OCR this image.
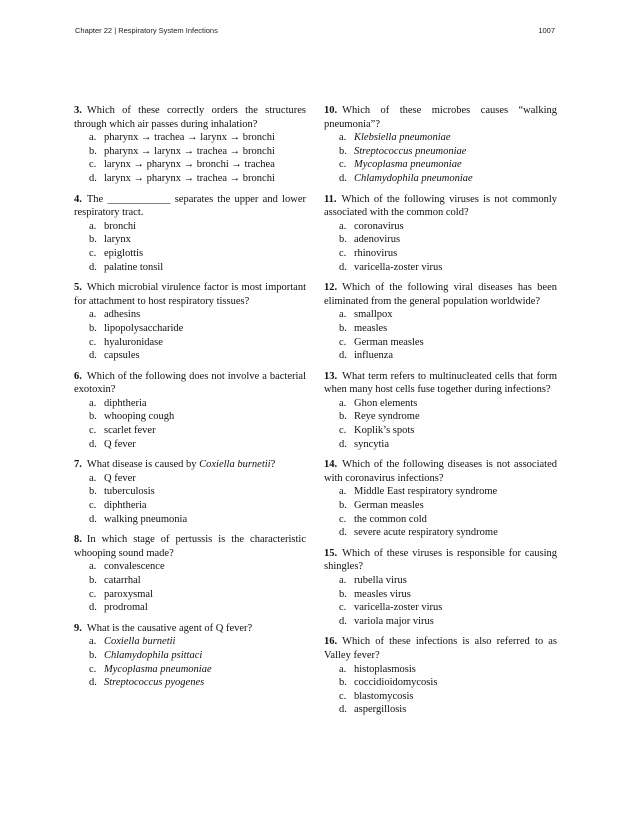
Chapter 22 | Respiratory System Infections	1007
3. Which of these correctly orders the structures through which air passes during inhalation?
a. pharynx → trachea → larynx → bronchi
b. pharynx → larynx → trachea → bronchi
c. larynx → pharynx → bronchi → trachea
d. larynx → pharynx → trachea → bronchi
4. The ____________ separates the upper and lower respiratory tract.
a. bronchi
b. larynx
c. epiglottis
d. palatine tonsil
5. Which microbial virulence factor is most important for attachment to host respiratory tissues?
a. adhesins
b. lipopolysaccharide
c. hyaluronidase
d. capsules
6. Which of the following does not involve a bacterial exotoxin?
a. diphtheria
b. whooping cough
c. scarlet fever
d. Q fever
7. What disease is caused by Coxiella burnetii?
a. Q fever
b. tuberculosis
c. diphtheria
d. walking pneumonia
8. In which stage of pertussis is the characteristic whooping sound made?
a. convalescence
b. catarrhal
c. paroxysmal
d. prodromal
9. What is the causative agent of Q fever?
a. Coxiella burnetii
b. Chlamydophila psittaci
c. Mycoplasma pneumoniae
d. Streptococcus pyogenes
10. Which of these microbes causes “walking pneumonia”?
a. Klebsiella pneumoniae
b. Streptococcus pneumoniae
c. Mycoplasma pneumoniae
d. Chlamydophila pneumoniae
11. Which of the following viruses is not commonly associated with the common cold?
a. coronavirus
b. adenovirus
c. rhinovirus
d. varicella-zoster virus
12. Which of the following viral diseases has been eliminated from the general population worldwide?
a. smallpox
b. measles
c. German measles
d. influenza
13. What term refers to multinucleated cells that form when many host cells fuse together during infections?
a. Ghon elements
b. Reye syndrome
c. Koplik’s spots
d. syncytia
14. Which of the following diseases is not associated with coronavirus infections?
a. Middle East respiratory syndrome
b. German measles
c. the common cold
d. severe acute respiratory syndrome
15. Which of these viruses is responsible for causing shingles?
a. rubella virus
b. measles virus
c. varicella-zoster virus
d. variola major virus
16. Which of these infections is also referred to as Valley fever?
a. histoplasmosis
b. coccidioidomycosis
c. blastomycosis
d. aspergillosis
